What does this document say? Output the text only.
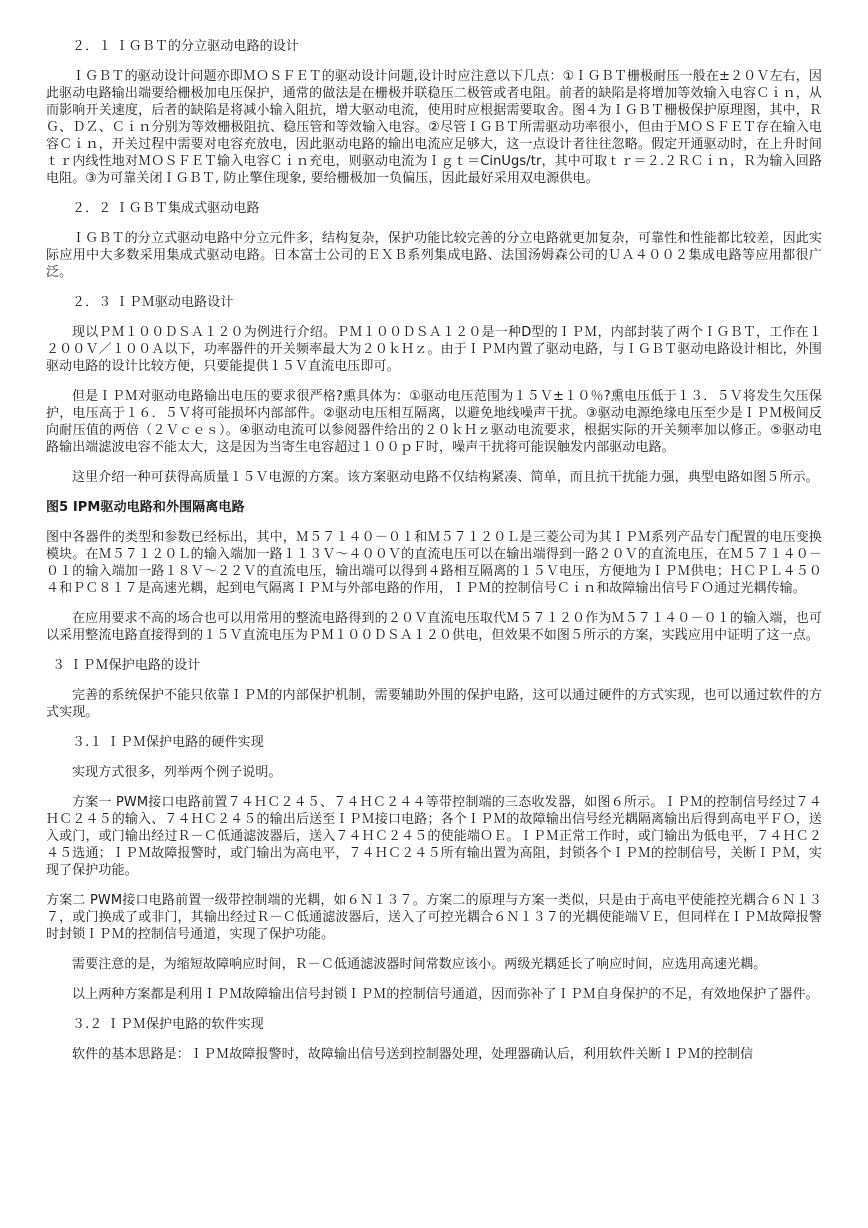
２．１ ＩＧＢＴ的分立驱动电路的设计

ＩＧＢＴ的驱动设计问题亦即ＭＯＳＦＥＴ的驱动设计问题,设计时应注意以下几点：①ＩＧＢＴ栅极耐压一般在±２０Ｖ左右，因此驱动电路输出端要给栅极加电压保护，通常的做法是在栅极并联稳压二极管或者电阻。前者的缺陷是将增加等效输入电容Ｃｉｎ，从而影响开关速度，后者的缺陷是将减小输入阻抗，增大驱动电流，使用时应根据需要取舍。图４为ＩＧＢＴ栅极保护原理图，其中，ＲＧ、ＤＺ、Ｃｉｎ分别为等效栅极阻抗、稳压管和等效输入电容。②尽管ＩＧＢＴ所需驱动功率很小，但由于ＭＯＳＦＥＴ存在输入电容Ｃｉｎ，开关过程中需要对电容充放电，因此驱动电路的输出电流应足够大，这一点设计者往往忽略。假定开通驱动时，在上升时间ｔｒ内线性地对ＭＯＳＦＥＴ输入电容Ｃｉｎ充电，则驱动电流为Ｉｇｔ＝CinUgs/tr，其中可取ｔｒ＝２.２ＲＣｉｎ，Ｒ为输入回路电阻。③为可靠关闭ＩＧＢＴ, 防止擎住现象, 要给栅极加一负偏压，因此最好采用双电源供电。

２．２ ＩＧＢＴ集成式驱动电路

ＩＧＢＴ的分立式驱动电路中分立元件多，结构复杂，保护功能比较完善的分立电路就更加复杂，可靠性和性能都比较差，因此实际应用中大多数采用集成式驱动电路。日本富士公司的ＥＸＢ系列集成电路、法国汤姆森公司的ＵＡ４００２集成电路等应用都很广泛。

２．３ ＩＰＭ驱动电路设计

现以ＰＭ１００ＤＳＡ１２０为例进行介绍。ＰＭ１００ＤＳＡ１２０是一种D型的ＩＰＭ，内部封装了两个ＩＧＢＴ，工作在１２００Ｖ／１００Ａ以下，功率器件的开关频率最大为２０ｋＨｚ。由于ＩＰＭ内置了驱动电路，与ＩＧＢＴ驱动电路设计相比，外围驱动电路的设计比较方便，只要能提供１５Ｖ直流电压即可。

但是ＩＰＭ对驱动电路输出电压的要求很严格?熏具体为：①驱动电压范围为１５Ｖ±１０％?熏电压低于１３．５Ｖ将发生欠压保护，电压高于１６．５Ｖ将可能损坏内部部件。②驱动电压相互隔离，以避免地线噪声干扰。③驱动电源绝缘电压至少是ＩＰＭ极间反向耐压值的两倍（２Ｖｃｅｓ）。④驱动电流可以参阅器件给出的２０ｋＨｚ驱动电流要求，根据实际的开关频率加以修正。⑤驱动电路输出端滤波电容不能太大，这是因为当寄生电容超过１００ｐＦ时，噪声干扰将可能误触发内部驱动电路。

这里介绍一种可获得高质量１５Ｖ电源的方案。该方案驱动电路不仅结构紧凑、简单，而且抗干扰能力强，典型电路如图５所示。

图5 IPM驱动电路和外围隔离电路

图中各器件的类型和参数已经标出，其中，Ｍ５７１４０－０１和Ｍ５７１２０Ｌ是三菱公司为其ＩＰＭ系列产品专门配置的电压变换模块。在Ｍ５７１２０Ｌ的输入端加一路１１３Ｖ～４００Ｖ的直流电压可以在输出端得到一路２０Ｖ的直流电压，在Ｍ５７１４０－０１的输入端加一路１８Ｖ～２２Ｖ的直流电压，输出端可以得到４路相互隔离的１５Ｖ电压，方便地为ＩＰＭ供电；ＨＣＰＬ４５０４和ＰＣ８１７是高速光耦，起到电气隔离ＩＰＭ与外部电路的作用，ＩＰＭ的控制信号Ｃｉｎ和故障输出信号ＦＯ通过光耦传输。

在应用要求不高的场合也可以用常用的整流电路得到的２０Ｖ直流电压取代Ｍ５７１２０作为Ｍ５７１４０－０１的输入端，也可以采用整流电路直接得到的１５Ｖ直流电压为ＰＭ１００ＤＳＡ１２０供电，但效果不如图５所示的方案，实践应用中证明了这一点。

３ ＩＰＭ保护电路的设计

完善的系统保护不能只依靠ＩＰＭ的内部保护机制，需要辅助外围的保护电路，这可以通过硬件的方式实现，也可以通过软件的方式实现。

３.１ ＩＰＭ保护电路的硬件实现

实现方式很多，列举两个例子说明。

方案一 PWM接口电路前置７４ＨＣ２４５、７４ＨＣ２４４等带控制端的三态收发器，如图６所示。ＩＰＭ的控制信号经过７４ＨＣ２４５的输入、７４ＨＣ２４５的输出后送至ＩＰＭ接口电路；各个ＩＰＭ的故障输出信号经光耦隔离输出后得到高电平ＦＯ，送入或门，或门输出经过Ｒ－Ｃ低通滤波器后，送入７４ＨＣ２４５的使能端ＯＥ。ＩＰＭ正常工作时，或门输出为低电平，７４ＨＣ２４５选通；ＩＰＭ故障报警时，或门输出为高电平，７４ＨＣ２４５所有输出置为高阻，封锁各个ＩＰＭ的控制信号，关断ＩＰＭ，实现了保护功能。

方案二 PWM接口电路前置一级带控制端的光耦，如６Ｎ１３７。方案二的原理与方案一类似，只是由于高电平使能控光耦合６Ｎ１３７，或门换成了或非门，其输出经过Ｒ－Ｃ低通滤波器后，送入了可控光耦合６Ｎ１３７的光耦使能端ＶＥ，但同样在ＩＰＭ故障报警时封锁ＩＰＭ的控制信号通道，实现了保护功能。

需要注意的是，为缩短故障响应时间，Ｒ－Ｃ低通滤波器时间常数应该小。两级光耦延长了响应时间，应选用高速光耦。

以上两种方案都是利用ＩＰＭ故障输出信号封锁ＩＰＭ的控制信号通道，因而弥补了ＩＰＭ自身保护的不足，有效地保护了器件。

３.２ ＩＰＭ保护电路的软件实现

软件的基本思路是：ＩＰＭ故障报警时，故障输出信号送到控制器处理，处理器确认后，利用软件关断ＩＰＭ的控制信
